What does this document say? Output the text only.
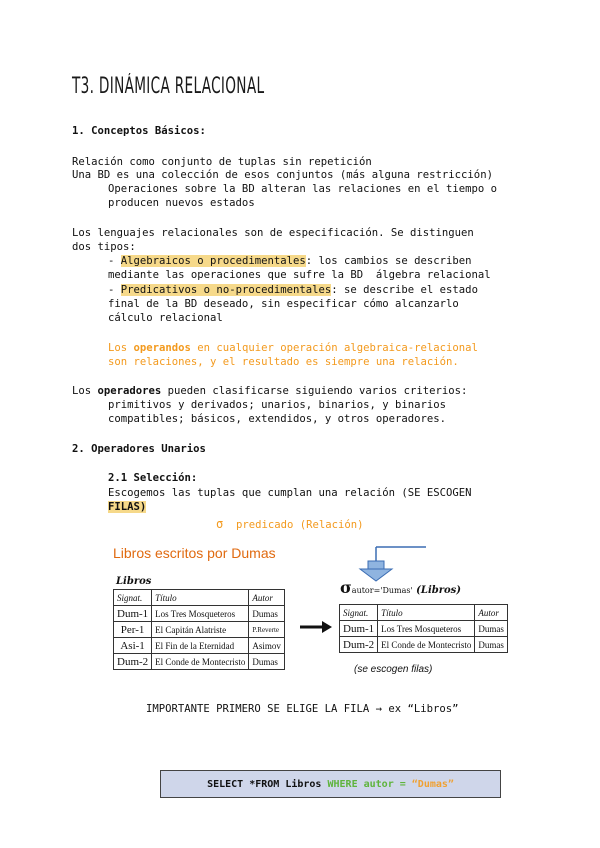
T3. DINÁMICA RELACIONAL
1. Conceptos Básicos:
Relación como conjunto de tuplas sin repetición
Una BD es una colección de esos conjuntos (más alguna restricción)
Operaciones sobre la BD alteran las relaciones en el tiempo o
producen nuevos estados
Los lenguajes relacionales son de especificación. Se distinguen
dos tipos:
- Algebraicos o procedimentales: los cambios se describen
mediante las operaciones que sufre la BD  álgebra relacional
- Predicativos o no-procedimentales: se describe el estado
final de la BD deseado, sin especificar cómo alcanzarlo
cálculo relacional
Los operandos en cualquier operación algebraica-relacional
son relaciones, y el resultado es siempre una relación.
Los operadores pueden clasificarse siguiendo varios criterios:
primitivos y derivados; unarios, binarios, y binarios
compatibles; básicos, extendidos, y otros operadores.
2. Operadores Unarios
2.1 Selección:
Escogemos las tuplas que cumplan una relación (SE ESCOGEN
FILAS)
σ  predicado (Relación)
Libros escritos por Dumas
Libros
Signat.	Título	Autor
Dum-1	Los Tres Mosqueteros	Dumas
Per-1	El Capitán Alatriste	P.Reverte
Asi-1	El Fin de la Eternidad	Asimov
Dum-2	El Conde de Montecristo	Dumas
σautor='Dumas' (Libros)
Signat.	Título	Autor
Dum-1	Los Tres Mosqueteros	Dumas
Dum-2	El Conde de Montecristo	Dumas
(se escogen filas)
IMPORTANTE PRIMERO SE ELIGE LA FILA → ex “Libros”
SELECT *FROM Libros WHERE autor = “Dumas”
